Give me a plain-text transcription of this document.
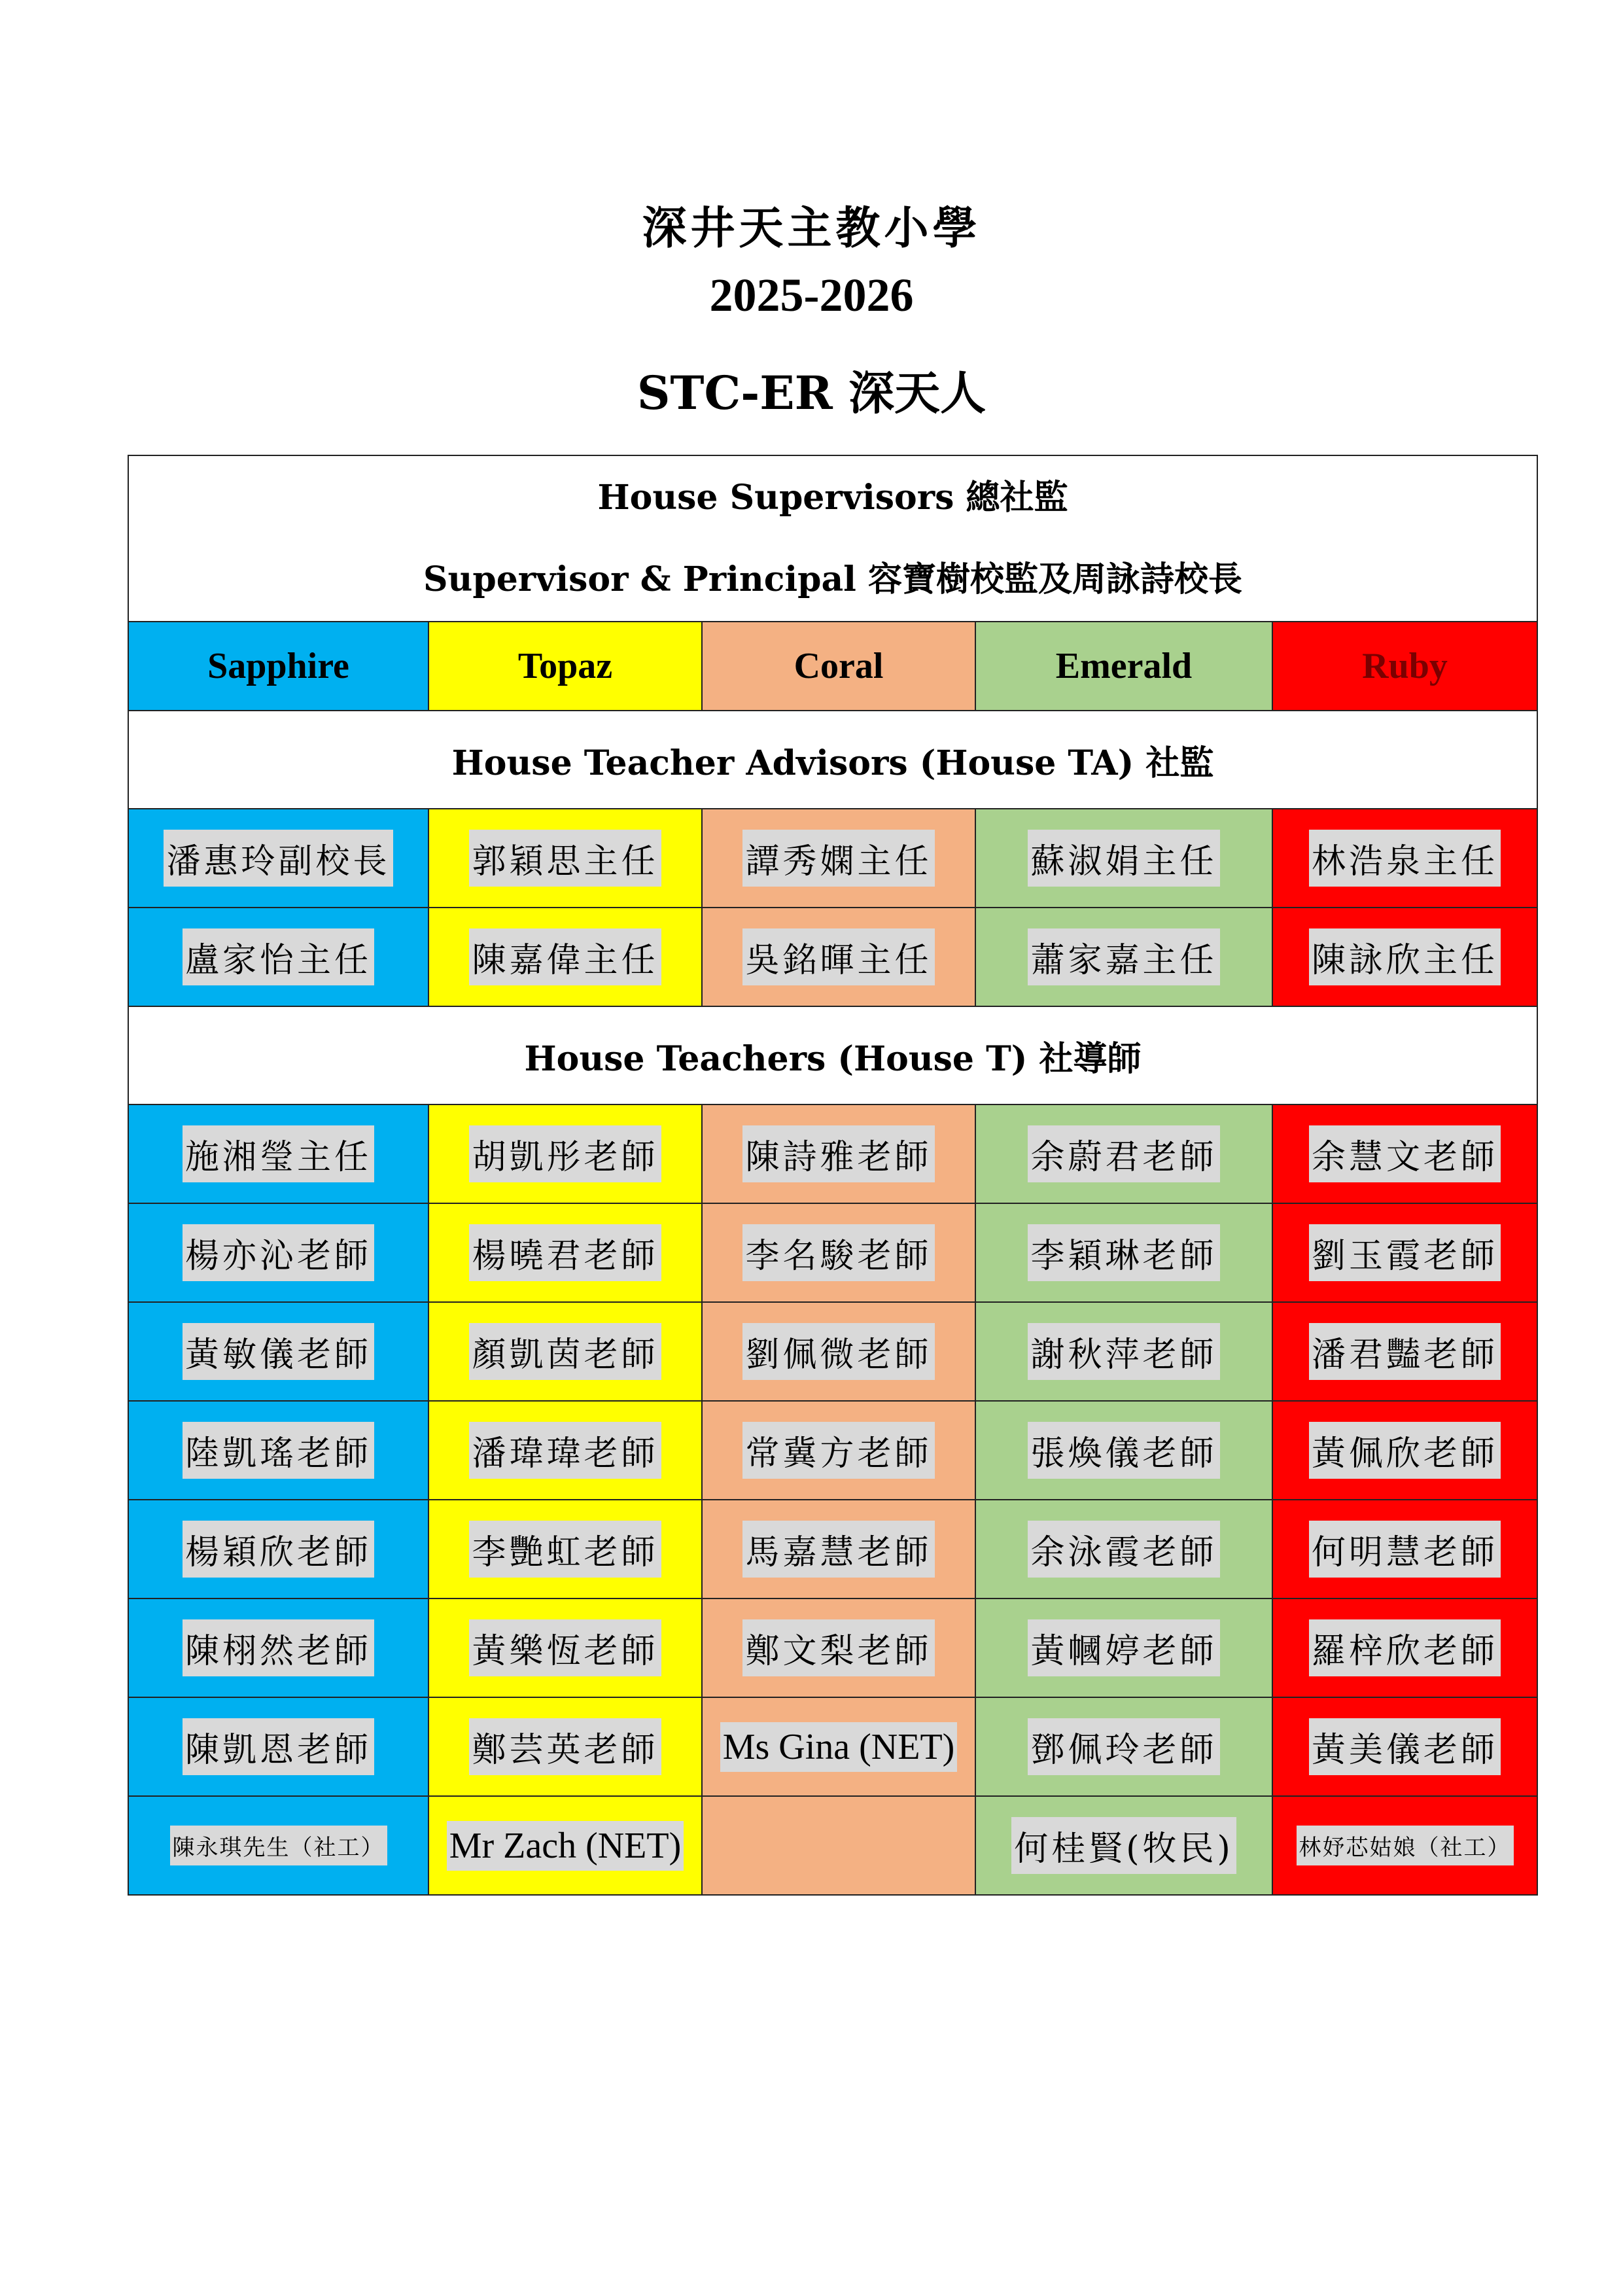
深井天主教小學
2025-2026
STC-ER 深天人
House Supervisors 總社監
Supervisor & Principal 容寶樹校監及周詠詩校長				

Sapphire	Topaz	Coral	Emerald	Ruby
House Teacher Advisors (House TA) 社監				
潘惠玲副校長	郭穎思主任	譚秀嫻主任	蘇淑娟主任	林浩泉主任
盧家怡主任	陳嘉偉主任	吳銘暉主任	蕭家嘉主任	陳詠欣主任
House Teachers (House T) 社導師				
施湘瑩主任	胡凱彤老師	陳詩雅老師	余蔚君老師	余慧文老師
楊亦沁老師	楊曉君老師	李名駿老師	李穎琳老師	劉玉霞老師
黃敏儀老師	顏凱茵老師	劉佩微老師	謝秋萍老師	潘君豔老師
陸凱瑤老師	潘瑋瑋老師	常冀方老師	張煥儀老師	黃佩欣老師
楊穎欣老師	李艷虹老師	馬嘉慧老師	余泳霞老師	何明慧老師
陳栩然老師	黃樂恆老師	鄭文梨老師	黃幗婷老師	羅梓欣老師
陳凱恩老師	鄭芸英老師	Ms Gina (NET)	鄧佩玲老師	黃美儀老師
陳永琪先生（社工）	Mr Zach (NET)		何桂賢(牧民)	林妤芯姑娘（社工）
